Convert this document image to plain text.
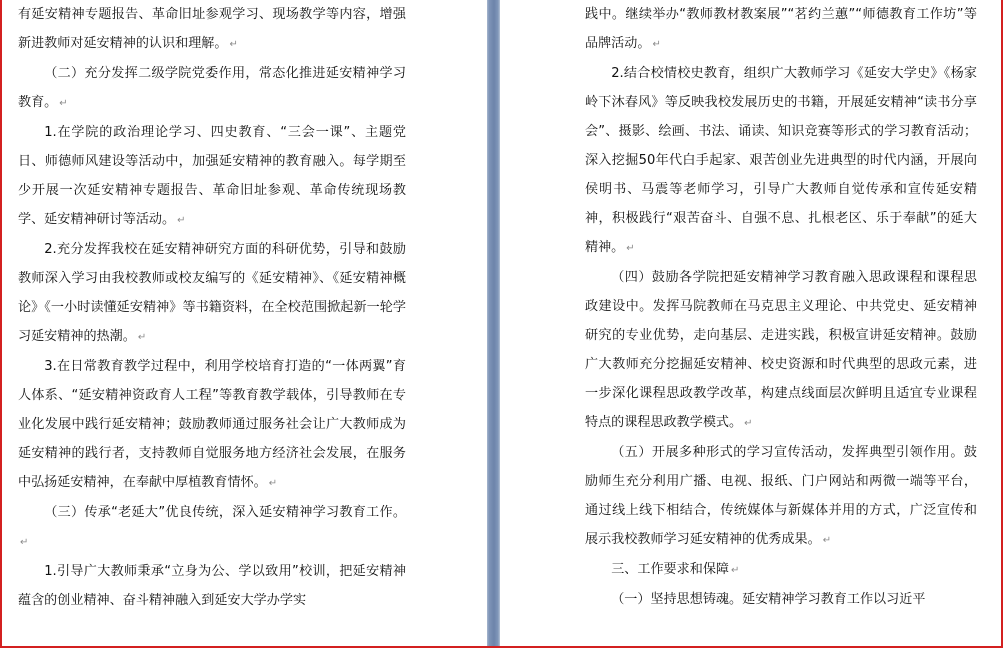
有延安精神专题报告、革命旧址参观学习、现场教学等内容，增强新进教师对延安精神的认识和理解。 ↵

（二）充分发挥二级学院党委作用，常态化推进延安精神学习教育。 ↵

1.在学院的政治理论学习、四史教育、“三会一课”、主题党日、师德师风建设等活动中，加强延安精神的教育融入。每学期至少开展一次延安精神专题报告、革命旧址参观、革命传统现场教学、延安精神研讨等活动。 ↵

2.充分发挥我校在延安精神研究方面的科研优势，引导和鼓励教师深入学习由我校教师或校友编写的《延安精神》、《延安精神概论》《一小时读懂延安精神》等书籍资料，在全校范围掀起新一轮学习延安精神的热潮。 ↵

3.在日常教育教学过程中，利用学校培育打造的“一体两翼”育人体系、“延安精神资政育人工程”等教育教学载体，引导教师在专业化发展中践行延安精神；鼓励教师通过服务社会让广大教师成为延安精神的践行者，支持教师自觉服务地方经济社会发展，在服务中弘扬延安精神，在奉献中厚植教育情怀。 ↵

（三）传承“老延大”优良传统，深入延安精神学习教育工作。↵

1.引导广大教师秉承“立身为公、学以致用”校训，把延安精神蕴含的创业精神、奋斗精神融入到延安大学办学实

践中。继续举办“教师教材教案展”“茗约兰蕙”“师德教育工作坊”等品牌活动。 ↵

2.结合校情校史教育，组织广大教师学习《延安大学史》《杨家岭下沐春风》等反映我校发展历史的书籍，开展延安精神“读书分享会”、摄影、绘画、书法、诵读、知识竞赛等形式的学习教育活动；深入挖掘50年代白手起家、艰苦创业先进典型的时代内涵，开展向侯明书、马震等老师学习，引导广大教师自觉传承和宣传延安精神，积极践行“艰苦奋斗、自强不息、扎根老区、乐于奉献”的延大精神。 ↵

（四）鼓励各学院把延安精神学习教育融入思政课程和课程思政建设中。发挥马院教师在马克思主义理论、中共党史、延安精神研究的专业优势，走向基层、走进实践，积极宣讲延安精神。鼓励广大教师充分挖掘延安精神、校史资源和时代典型的思政元素，进一步深化课程思政教学改革，构建点线面层次鲜明且适宜专业课程特点的课程思政教学模式。 ↵

（五）开展多种形式的学习宣传活动，发挥典型引领作用。鼓励师生充分利用广播、电视、报纸、门户网站和两微一端等平台，通过线上线下相结合，传统媒体与新媒体并用的方式，广泛宣传和展示我校教师学习延安精神的优秀成果。 ↵

三、工作要求和保障 ↵

（一）坚持思想铸魂。延安精神学习教育工作以习近平
